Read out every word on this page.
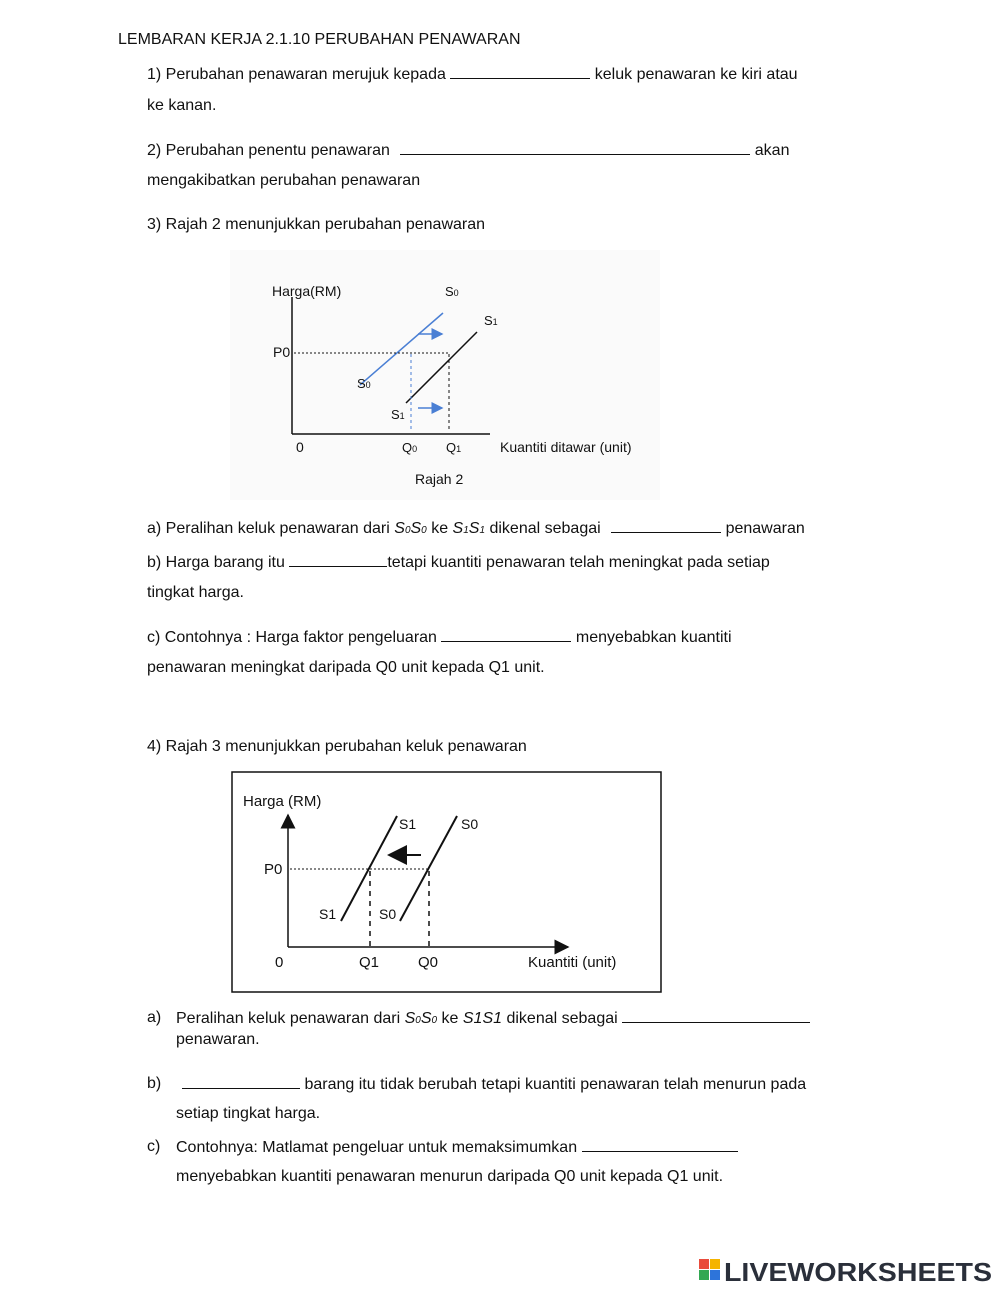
LEMBARAN KERJA 2.1.10 PERUBAHAN PENAWARAN
1) Perubahan penawaran merujuk kepada	keluk penawaran ke kiri atau
ke kanan.
2) Perubahan penentu penawaran	akan
mengakibatkan perubahan penawaran
3) Rajah 2 menunjukkan perubahan penawaran
Harga(RM)
P0
0	Q0 Q1	Kuantiti ditawar (unit)
S0
S1
S0
S1
Rajah 2
a) Peralihan keluk penawaran dari S0S0 ke S1S1 dikenal sebagai	penawaran
b) Harga barang itu	tetapi kuantiti penawaran telah meningkat pada setiap
tingkat harga.
c) Contohnya : Harga faktor pengeluaran	menyebabkan kuantiti
penawaran meningkat daripada Q0 unit kepada Q1 unit.
4) Rajah 3 menunjukkan perubahan keluk penawaran
Harga (RM)
P0
0	Q1	Q0	Kuantiti (unit)
S1	S0
S1	S0
a) Peralihan keluk penawaran dari S0S0 ke S1S1 dikenal sebagai
penawaran.
b)	barang itu tidak berubah tetapi kuantiti penawaran telah menurun pada
setiap tingkat harga.
c) Contohnya: Matlamat pengeluar untuk memaksimumkan
menyebabkan kuantiti penawaran menurun daripada Q0 unit kepada Q1 unit.
LIVEWORKSHEETS
